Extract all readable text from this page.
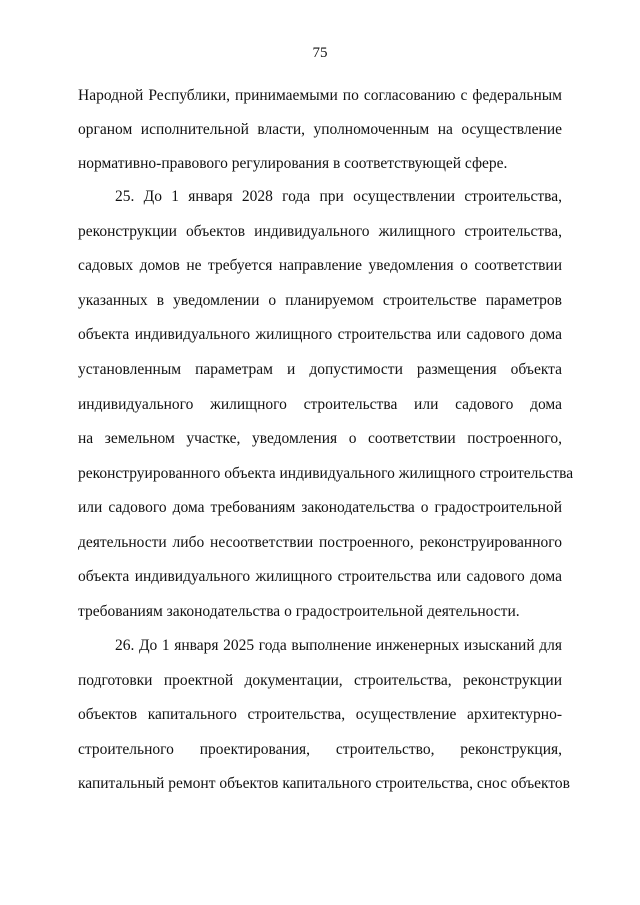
75
Народной Республики, принимаемыми по согласованию с федеральным
органом исполнительной власти, уполномоченным на осуществление
нормативно-правового регулирования в соответствующей сфере.
25. До 1 января 2028 года при осуществлении строительства,
реконструкции объектов индивидуального жилищного строительства,
садовых домов не требуется направление уведомления о соответствии
указанных в уведомлении о планируемом строительстве параметров
объекта индивидуального жилищного строительства или садового дома
установленным параметрам и допустимости размещения объекта
индивидуального жилищного строительства или садового дома
на земельном участке, уведомления о соответствии построенного,
реконструированного объекта индивидуального жилищного строительства
или садового дома требованиям законодательства о градостроительной
деятельности либо несоответствии построенного, реконструированного
объекта индивидуального жилищного строительства или садового дома
требованиям законодательства о градостроительной деятельности.
26. До 1 января 2025 года выполнение инженерных изысканий для
подготовки проектной документации, строительства, реконструкции
объектов капитального строительства, осуществление архитектурно-
строительного проектирования, строительство, реконструкция,
капитальный ремонт объектов капитального строительства, снос объектов
